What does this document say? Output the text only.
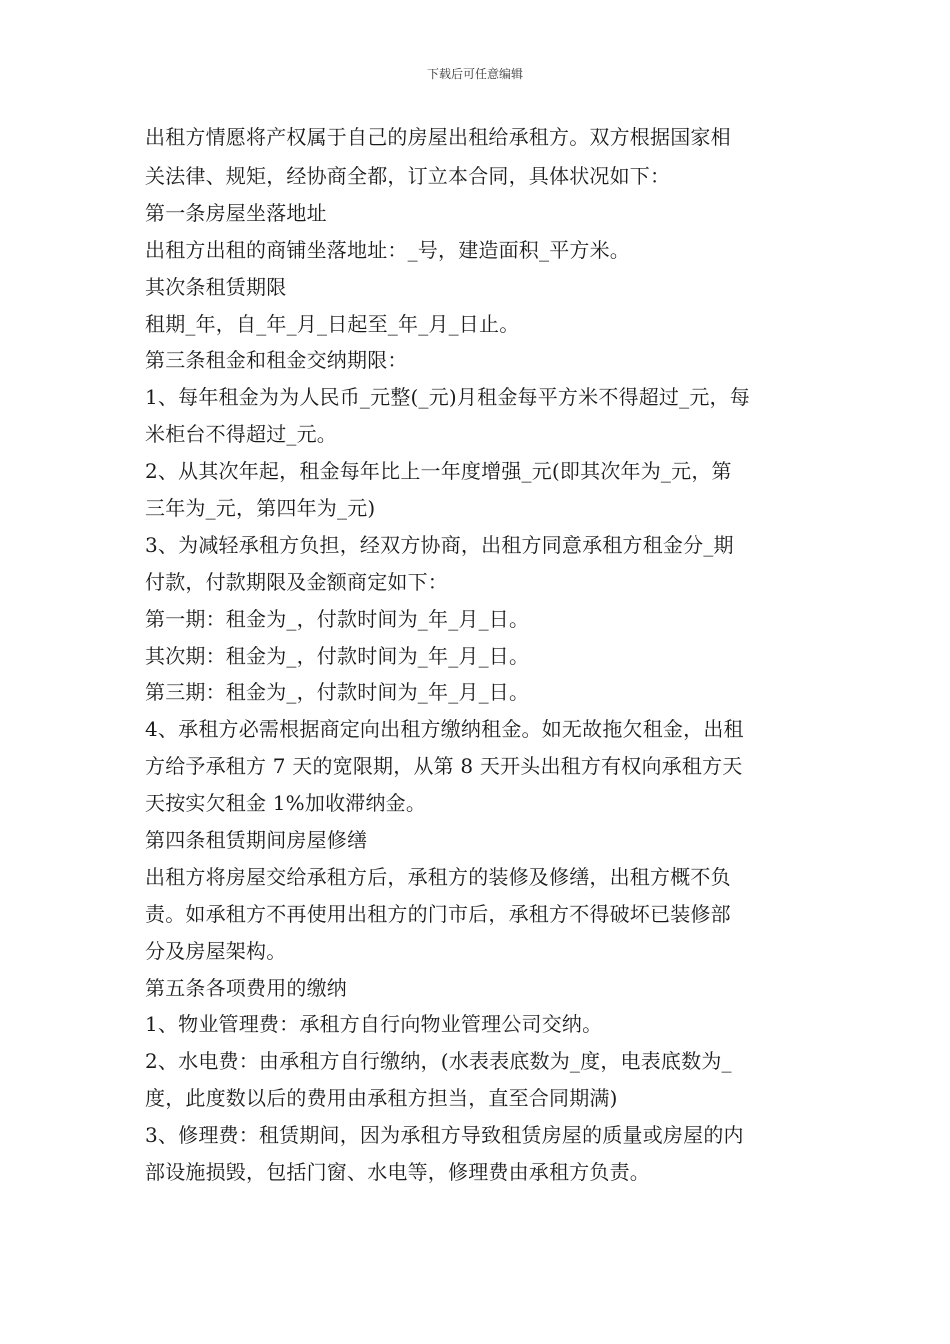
下载后可任意编辑
出租方情愿将产权属于自己的房屋出租给承租方。双方根据国家相
关法律、规矩，经协商全都，订立本合同，具体状况如下：
第一条房屋坐落地址
出租方出租的商铺坐落地址：_号，建造面积_平方米。
其次条租赁期限
租期_年，自_年_月_日起至_年_月_日止。
第三条租金和租金交纳期限：
1、每年租金为为人民币_元整(_元)月租金每平方米不得超过_元，每
米柜台不得超过_元。
2、从其次年起，租金每年比上一年度增强_元(即其次年为_元，第
三年为_元，第四年为_元)
3、为减轻承租方负担，经双方协商，出租方同意承租方租金分_期
付款，付款期限及金额商定如下：
第一期：租金为_，付款时间为_年_月_日。
其次期：租金为_，付款时间为_年_月_日。
第三期：租金为_，付款时间为_年_月_日。
4、承租方必需根据商定向出租方缴纳租金。如无故拖欠租金，出租
方给予承租方 7 天的宽限期，从第 8 天开头出租方有权向承租方天
天按实欠租金 1%加收滞纳金。
第四条租赁期间房屋修缮
出租方将房屋交给承租方后，承租方的装修及修缮，出租方概不负
责。如承租方不再使用出租方的门市后，承租方不得破坏已装修部
分及房屋架构。
第五条各项费用的缴纳
1、物业管理费：承租方自行向物业管理公司交纳。
2、水电费：由承租方自行缴纳，(水表表底数为_度，电表底数为_
度，此度数以后的费用由承租方担当，直至合同期满)
3、修理费：租赁期间，因为承租方导致租赁房屋的质量或房屋的内
部设施损毁，包括门窗、水电等，修理费由承租方负责。
